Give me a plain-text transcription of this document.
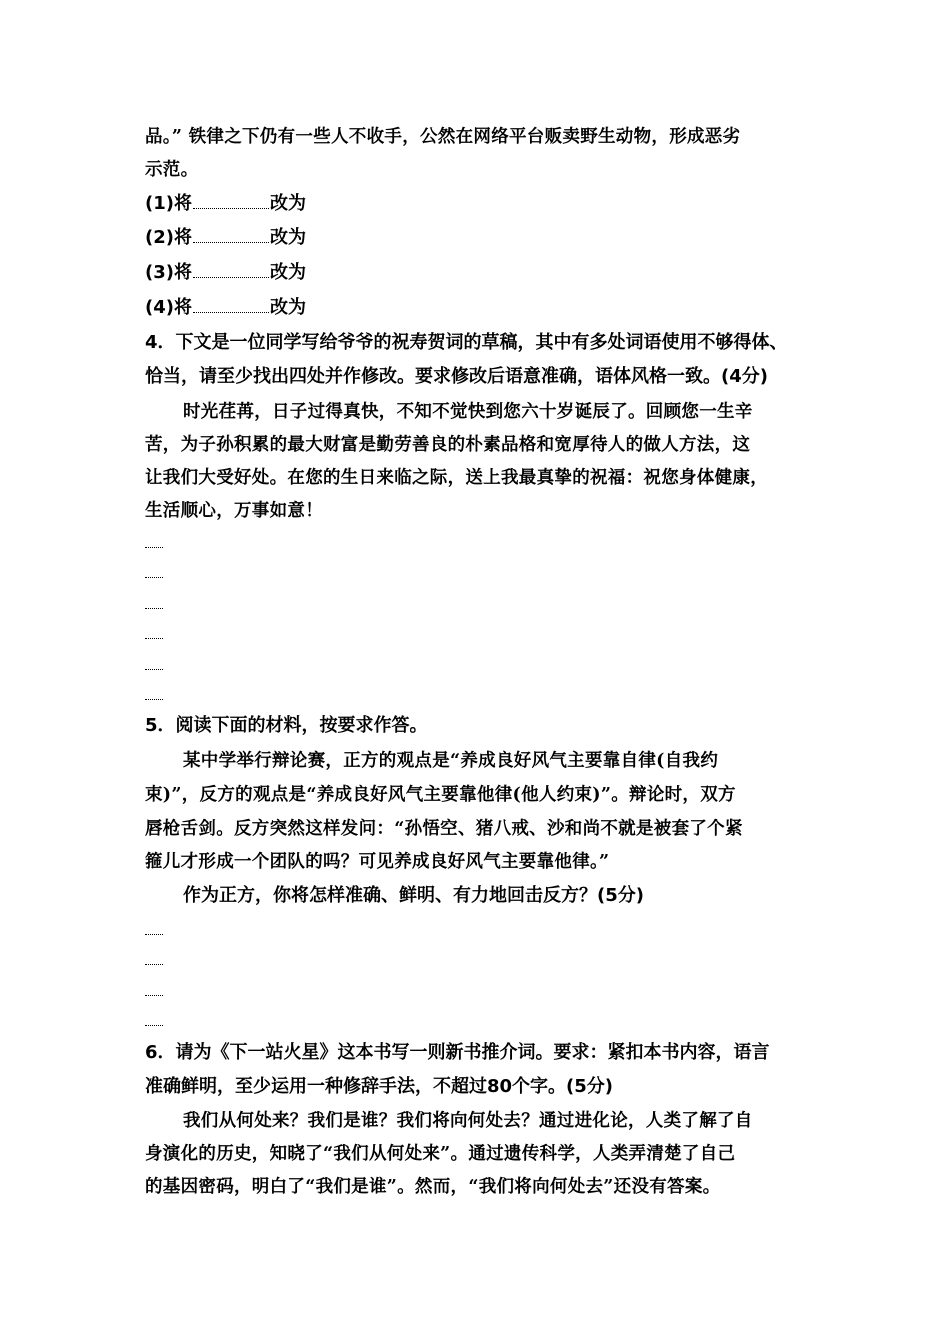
品。” 铁律之下仍有一些人不收手，公然在网络平台贩卖野生动物，形成恶劣
示范。
(1)将	改为
(2)将	改为
(3)将	改为
(4)将	改为
4．下文是一位同学写给爷爷的祝寿贺词的草稿，其中有多处词语使用不够得体、
恰当，请至少找出四处并作修改。要求修改后语意准确，语体风格一致。(4分)
时光荏苒，日子过得真快，不知不觉快到您六十岁诞辰了。回顾您一生辛
苦，为子孙积累的最大财富是勤劳善良的朴素品格和宽厚待人的做人方法，这
让我们大受好处。在您的生日来临之际，送上我最真挚的祝福：祝您身体健康，
生活顺心，万事如意！
5．阅读下面的材料，按要求作答。
某中学举行辩论赛，正方的观点是“养成良好风气主要靠自律(自我约
束)”，反方的观点是“养成良好风气主要靠他律(他人约束)”。辩论时，双方
唇枪舌剑。反方突然这样发问：“孙悟空、猪八戒、沙和尚不就是被套了个紧
箍儿才形成一个团队的吗？可见养成良好风气主要靠他律。”
作为正方，你将怎样准确、鲜明、有力地回击反方？(5分)
6．请为《下一站火星》这本书写一则新书推介词。要求：紧扣本书内容，语言
准确鲜明，至少运用一种修辞手法，不超过80个字。(5分)
我们从何处来？我们是谁？我们将向何处去？通过进化论，人类了解了自
身演化的历史，知晓了“我们从何处来”。通过遗传科学，人类弄清楚了自己
的基因密码，明白了“我们是谁”。然而，“我们将向何处去”还没有答案。
